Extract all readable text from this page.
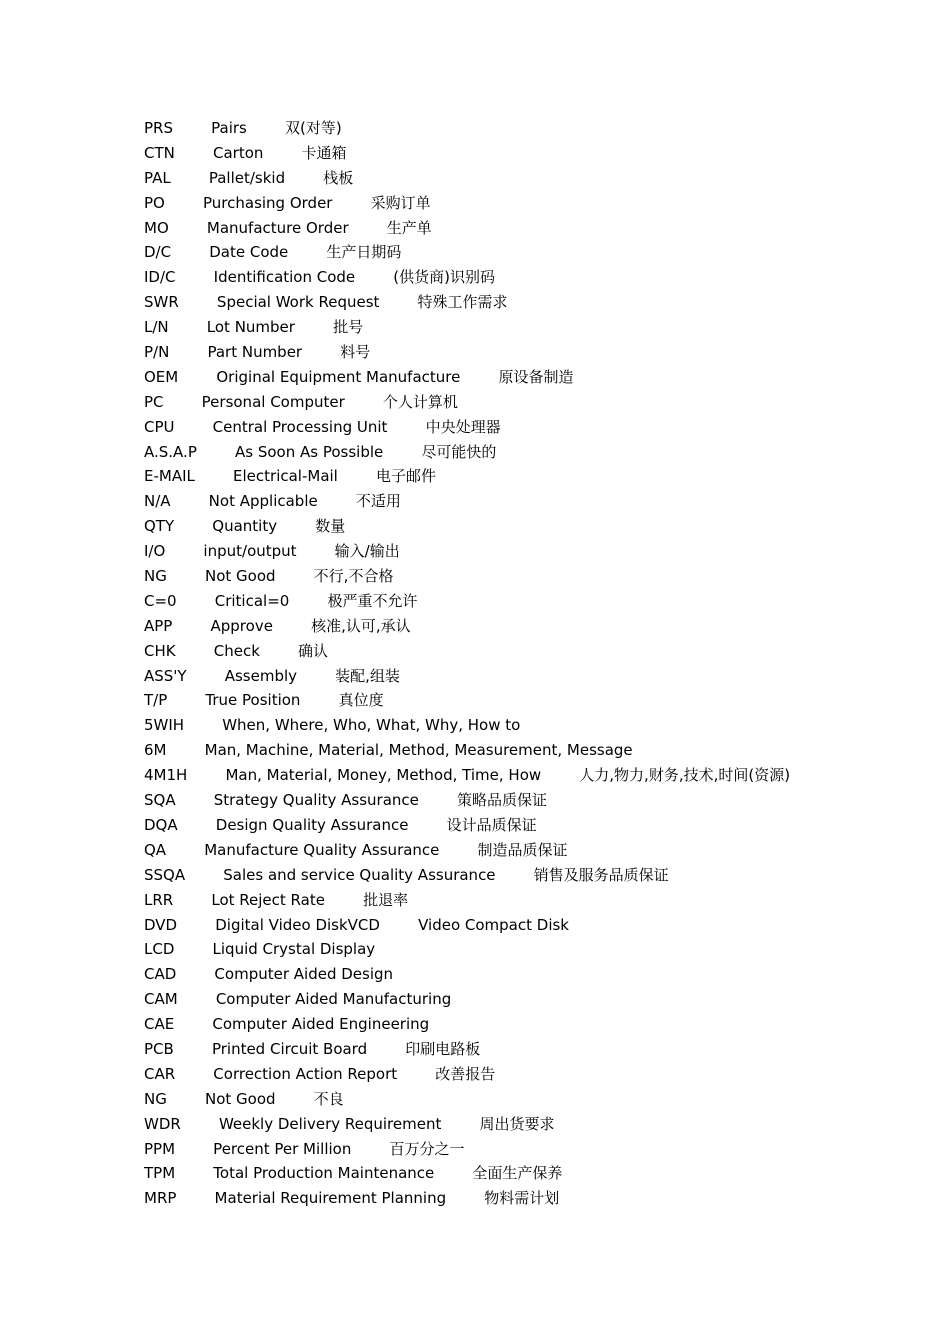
PRS        Pairs        双(对等)
CTN        Carton        卡通箱
PAL        Pallet/skid        栈板
PO        Purchasing Order        采购订单
MO        Manufacture Order        生产单
D/C        Date Code        生产日期码
ID/C        Identification Code        (供货商)识别码
SWR        Special Work Request        特殊工作需求
L/N        Lot Number        批号
P/N        Part Number        料号
OEM        Original Equipment Manufacture        原设备制造
PC        Personal Computer        个人计算机
CPU        Central Processing Unit        中央处理器
A.S.A.P        As Soon As Possible        尽可能快的
E-MAIL        Electrical-Mail        电子邮件
N/A        Not Applicable        不适用
QTY        Quantity        数量
I/O        input/output        输入/输出
NG        Not Good        不行,不合格
C=0        Critical=0        极严重不允许
APP        Approve        核准,认可,承认
CHK        Check        确认
ASS'Y        Assembly        装配,组装
T/P        True Position        真位度
5WIH        When, Where, Who, What, Why, How to
6M        Man, Machine, Material, Method, Measurement, Message
4M1H        Man, Material, Money, Method, Time, How        人力,物力,财务,技术,时间(资源)
SQA        Strategy Quality Assurance        策略品质保证
DQA        Design Quality Assurance        设计品质保证
QA        Manufacture Quality Assurance        制造品质保证
SSQA        Sales and service Quality Assurance        销售及服务品质保证
LRR        Lot Reject Rate        批退率
DVD        Digital Video DiskVCD        Video Compact Disk
LCD        Liquid Crystal Display
CAD        Computer Aided Design
CAM        Computer Aided Manufacturing
CAE        Computer Aided Engineering
PCB        Printed Circuit Board        印刷电路板
CAR        Correction Action Report        改善报告
NG        Not Good        不良
WDR        Weekly Delivery Requirement        周出货要求
PPM        Percent Per Million        百万分之一
TPM        Total Production Maintenance        全面生产保养
MRP        Material Requirement Planning        物料需计划
